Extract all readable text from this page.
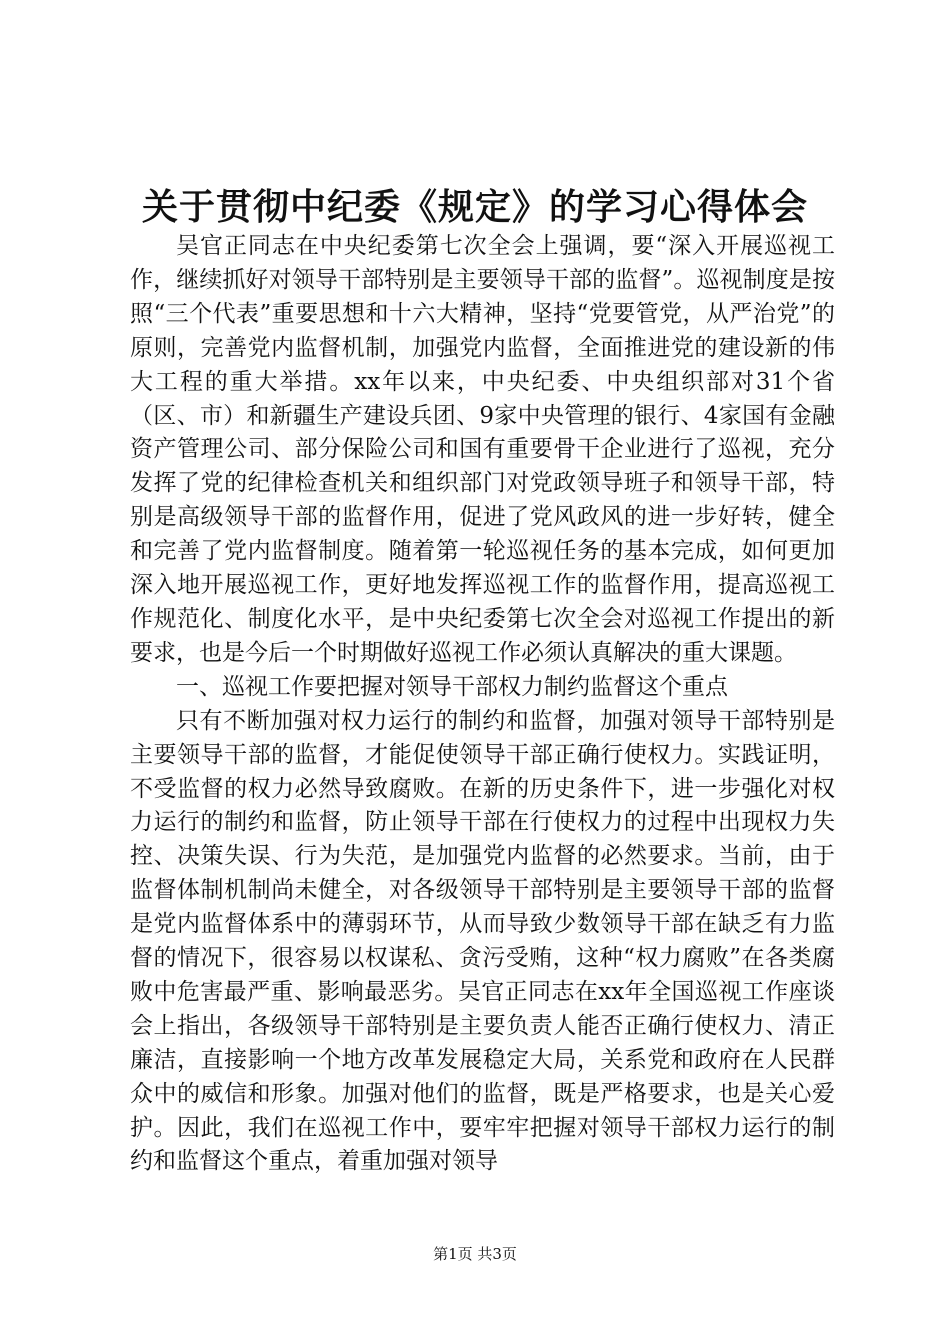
关于贯彻中纪委《规定》的学习心得体会

吴官正同志在中央纪委第七次全会上强调，要“深入开展巡视工作，继续抓好对领导干部特别是主要领导干部的监督”。巡视制度是按照“三个代表”重要思想和十六大精神，坚持“党要管党，从严治党”的原则，完善党内监督机制，加强党内监督，全面推进党的建设新的伟大工程的重大举措。xx年以来，中央纪委、中央组织部对31个省（区、市）和新疆生产建设兵团、9家中央管理的银行、4家国有金融资产管理公司、部分保险公司和国有重要骨干企业进行了巡视，充分发挥了党的纪律检查机关和组织部门对党政领导班子和领导干部，特别是高级领导干部的监督作用，促进了党风政风的进一步好转，健全和完善了党内监督制度。随着第一轮巡视任务的基本完成，如何更加深入地开展巡视工作，更好地发挥巡视工作的监督作用，提高巡视工作规范化、制度化水平，是中央纪委第七次全会对巡视工作提出的新要求，也是今后一个时期做好巡视工作必须认真解决的重大课题。

一、巡视工作要把握对领导干部权力制约监督这个重点

只有不断加强对权力运行的制约和监督，加强对领导干部特别是主要领导干部的监督，才能促使领导干部正确行使权力。实践证明，不受监督的权力必然导致腐败。在新的历史条件下，进一步强化对权力运行的制约和监督，防止领导干部在行使权力的过程中出现权力失控、决策失误、行为失范，是加强党内监督的必然要求。当前，由于监督体制机制尚未健全，对各级领导干部特别是主要领导干部的监督是党内监督体系中的薄弱环节，从而导致少数领导干部在缺乏有力监督的情况下，很容易以权谋私、贪污受贿，这种“权力腐败”在各类腐败中危害最严重、影响最恶劣。吴官正同志在xx年全国巡视工作座谈会上指出，各级领导干部特别是主要负责人能否正确行使权力、清正廉洁，直接影响一个地方改革发展稳定大局，关系党和政府在人民群众中的威信和形象。加强对他们的监督，既是严格要求，也是关心爱护。因此，我们在巡视工作中，要牢牢把握对领导干部权力运行的制约和监督这个重点，着重加强对领导

第1页 共3页
